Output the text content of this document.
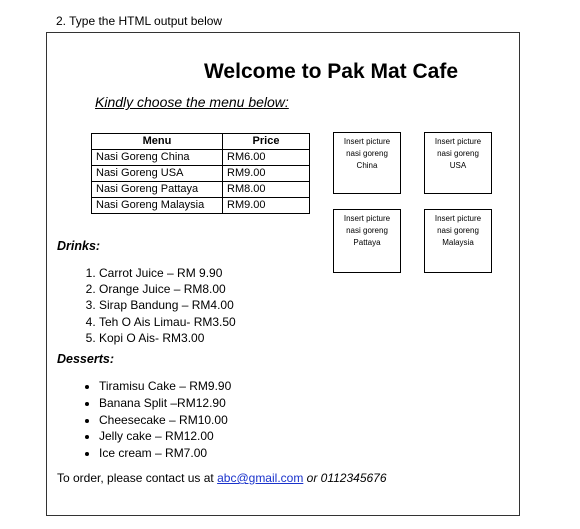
2. Type the HTML output below
Welcome to Pak Mat Cafe
Kindly choose the menu below:
Menu	Price
Nasi Goreng China	RM6.00
Nasi Goreng USA	RM9.00
Nasi Goreng Pattaya	RM8.00
Nasi Goreng Malaysia	RM9.00
Insert picture
nasi goreng
China
Insert picture
nasi goreng
USA
Insert picture
nasi goreng
Pattaya
Insert picture
nasi goreng
Malaysia
Drinks:
1. Carrot Juice – RM 9.90
2. Orange Juice – RM8.00
3. Sirap Bandung – RM4.00
4. Teh O Ais Limau- RM3.50
5. Kopi O Ais- RM3.00
Desserts:
• Tiramisu Cake – RM9.90
• Banana Split –RM12.90
• Cheesecake – RM10.00
• Jelly cake – RM12.00
• Ice cream – RM7.00
To order, please contact us at abc@gmail.com or 0112345676
